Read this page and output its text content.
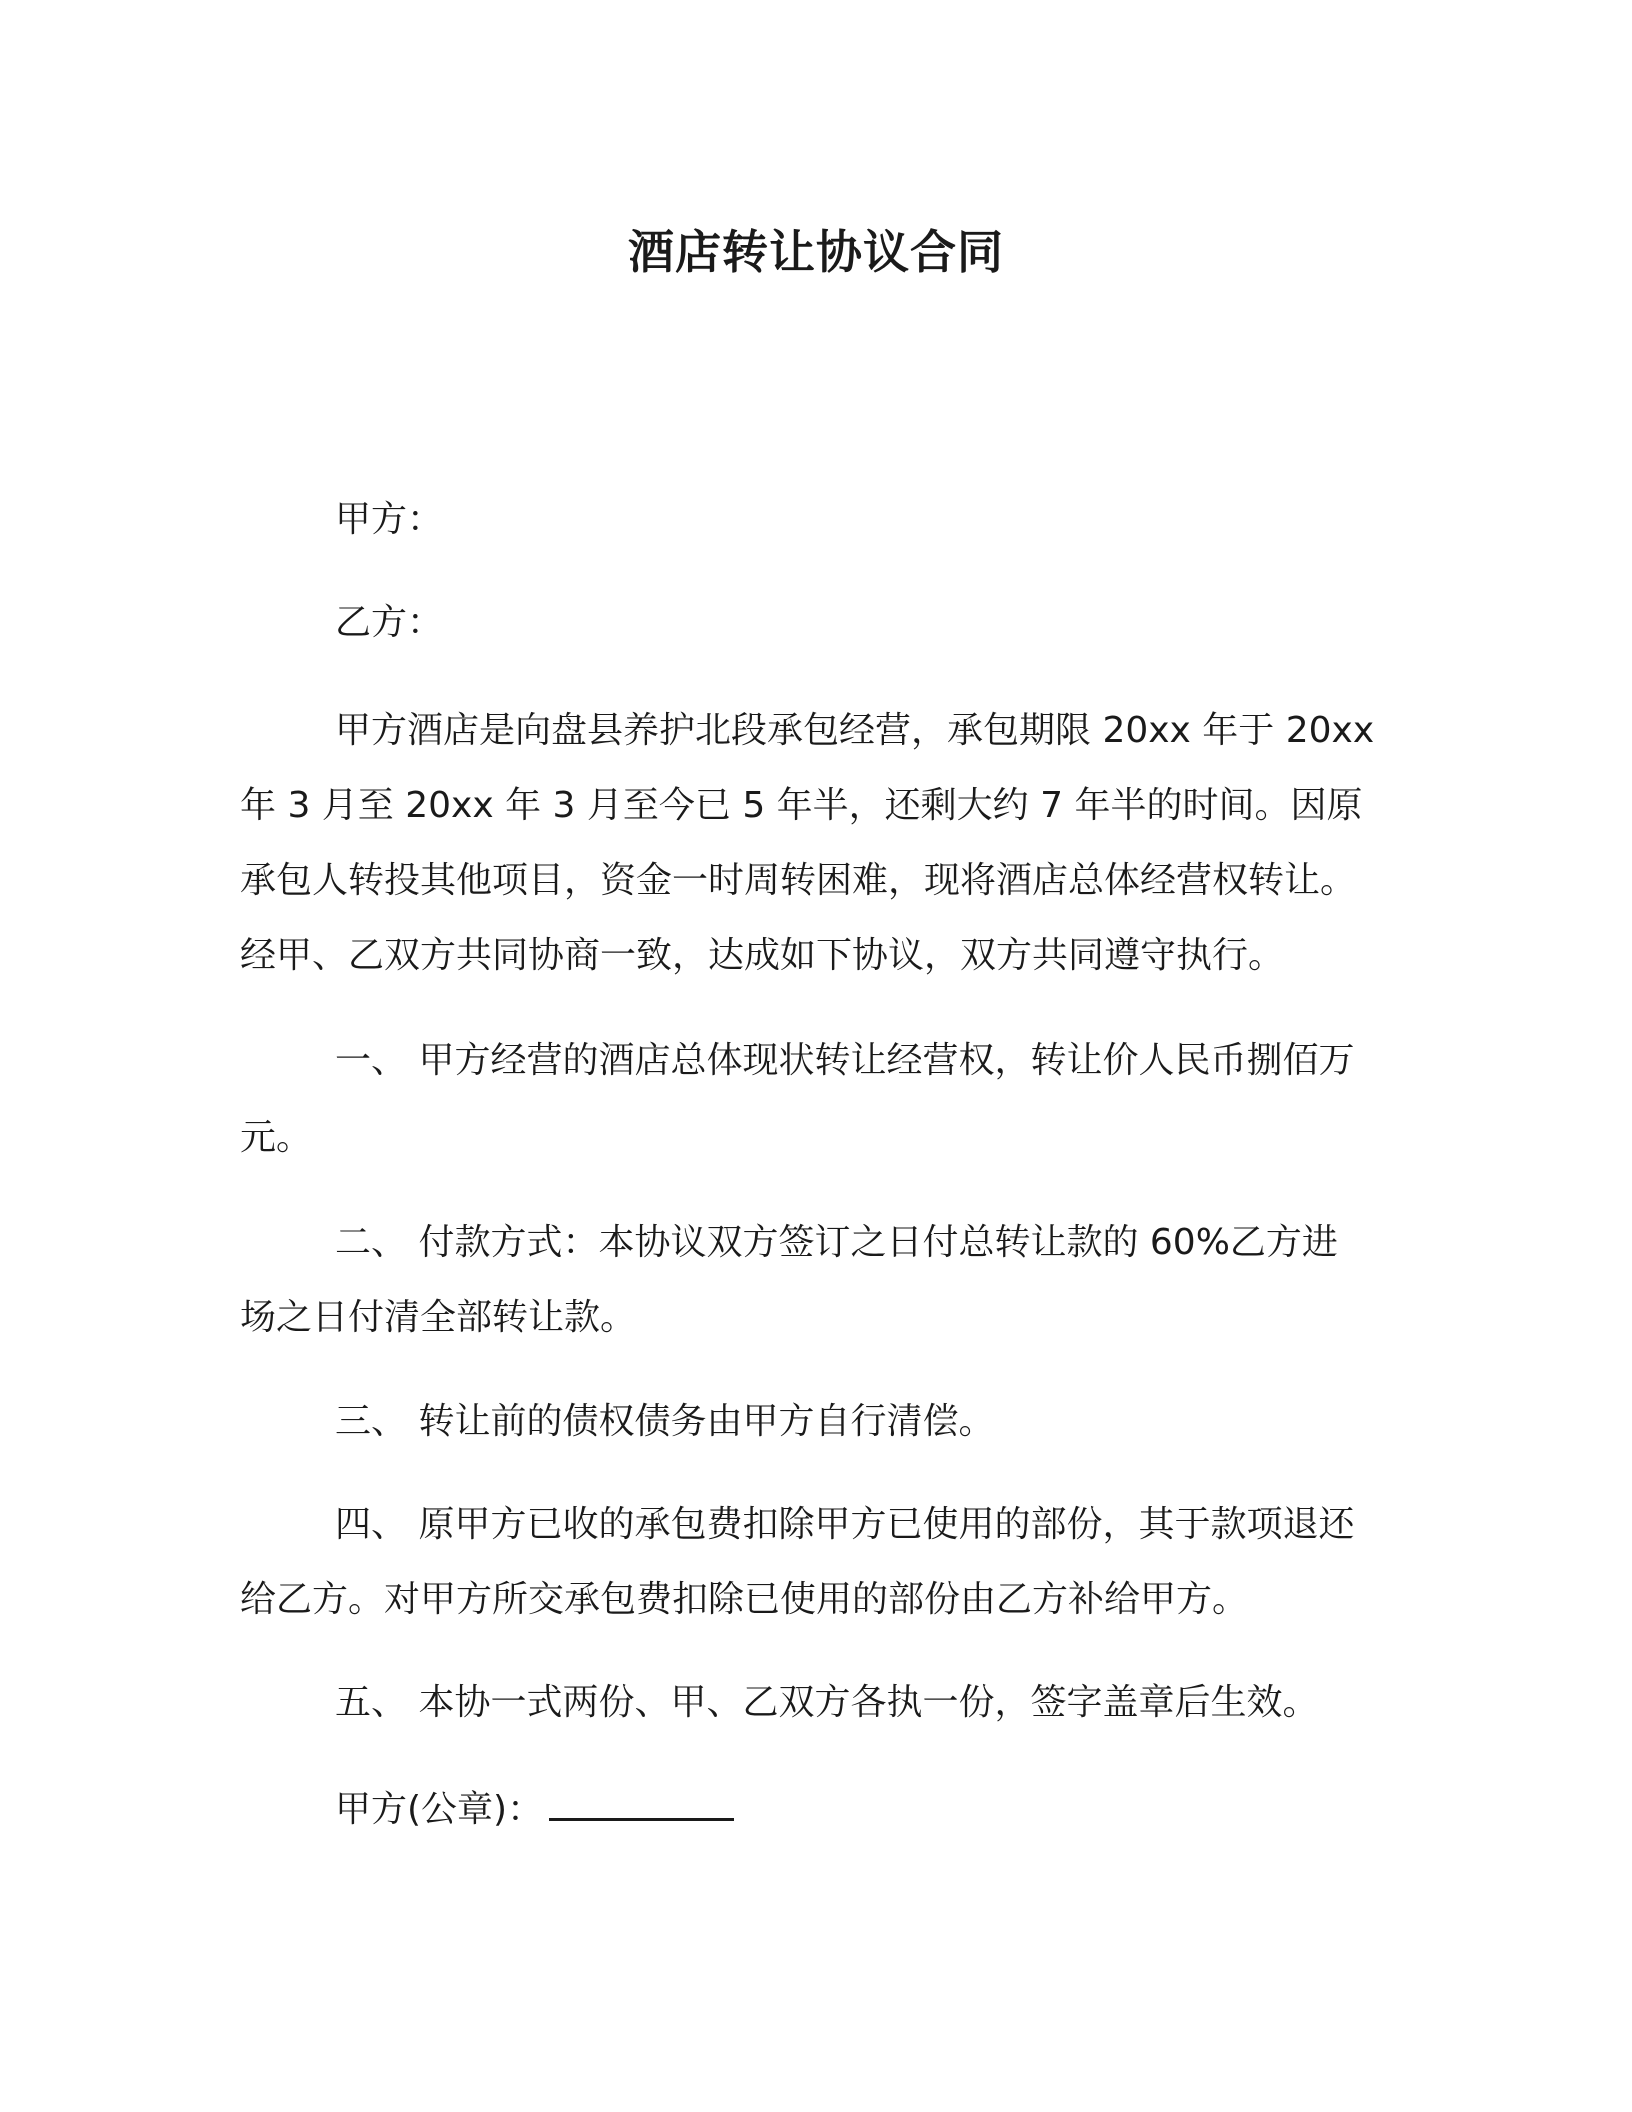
酒店转让协议合同
甲方：
乙方：
甲方酒店是向盘县养护北段承包经营，承包期限 20xx 年于 20xx
年 3 月至 20xx 年 3 月至今已 5 年半，还剩大约 7 年半的时间。因原
承包人转投其他项目，资金一时周转困难，现将酒店总体经营权转让。
经甲、乙双方共同协商一致，达成如下协议，双方共同遵守执行。
一、 甲方经营的酒店总体现状转让经营权，转让价人民币捌佰万
元。
二、 付款方式：本协议双方签订之日付总转让款的 60%乙方进
场之日付清全部转让款。
三、 转让前的债权债务由甲方自行清偿。
四、 原甲方已收的承包费扣除甲方已使用的部份，其于款项退还
给乙方。对甲方所交承包费扣除已使用的部份由乙方补给甲方。
五、 本协一式两份、甲、乙双方各执一份，签字盖章后生效。
甲方(公章)：
